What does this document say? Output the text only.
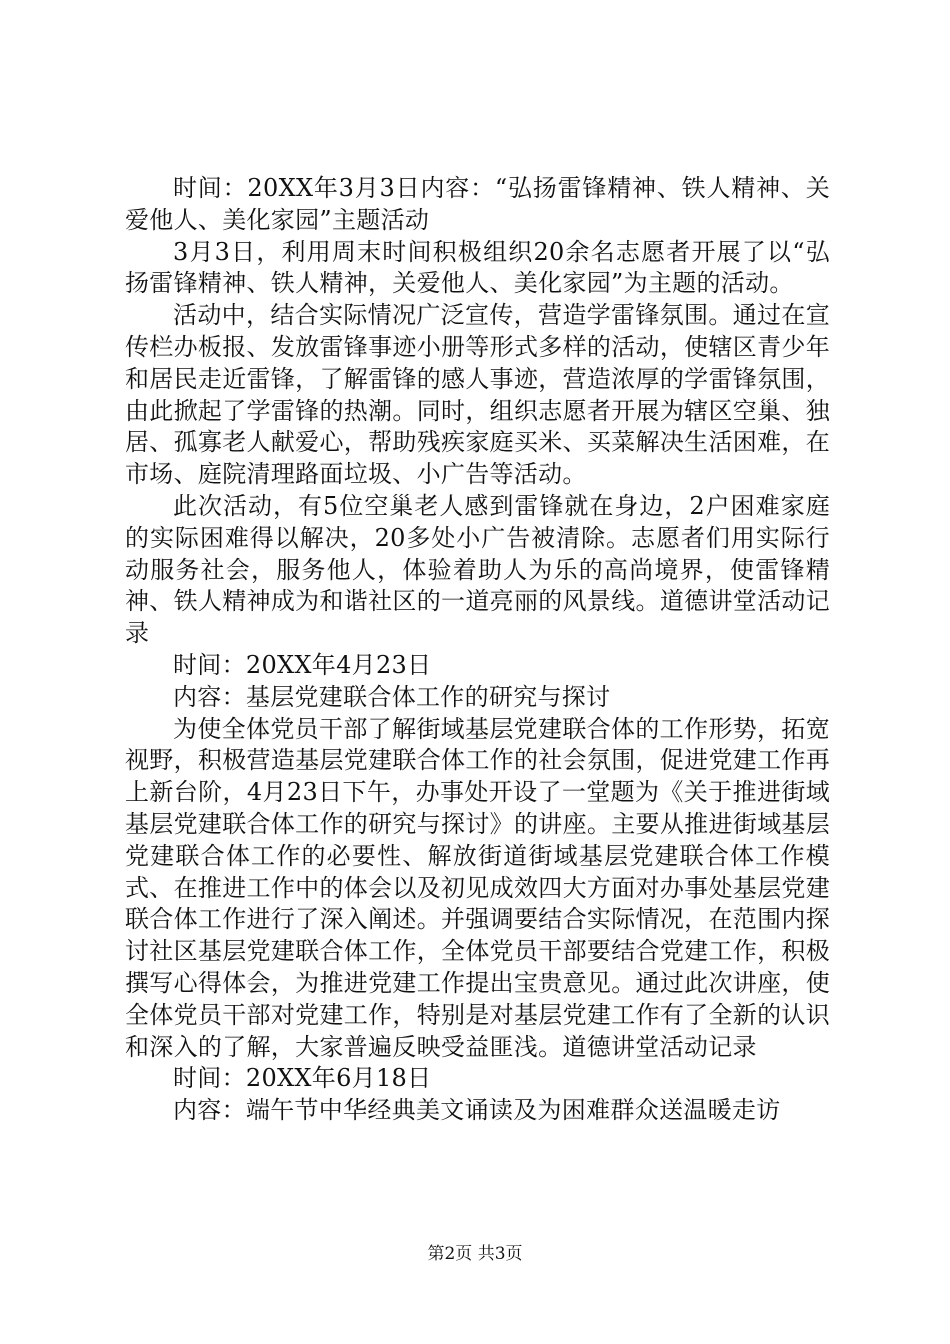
时间：20XX年3月3日内容：“弘扬雷锋精神、铁人精神、关爱他人、美化家园”主题活动

3月3日，利用周末时间积极组织20余名志愿者开展了以“弘扬雷锋精神、铁人精神，关爱他人、美化家园”为主题的活动。

活动中，结合实际情况广泛宣传，营造学雷锋氛围。通过在宣传栏办板报、发放雷锋事迹小册等形式多样的活动，使辖区青少年和居民走近雷锋，了解雷锋的感人事迹，营造浓厚的学雷锋氛围，由此掀起了学雷锋的热潮。同时，组织志愿者开展为辖区空巢、独居、孤寡老人献爱心，帮助残疾家庭买米、买菜解决生活困难，在市场、庭院清理路面垃圾、小广告等活动。

此次活动，有5位空巢老人感到雷锋就在身边，2户困难家庭的实际困难得以解决，20多处小广告被清除。志愿者们用实际行动服务社会，服务他人，体验着助人为乐的高尚境界，使雷锋精神、铁人精神成为和谐社区的一道亮丽的风景线。道德讲堂活动记录

时间：20XX年4月23日

内容：基层党建联合体工作的研究与探讨

为使全体党员干部了解街域基层党建联合体的工作形势，拓宽视野，积极营造基层党建联合体工作的社会氛围，促进党建工作再上新台阶，4月23日下午，办事处开设了一堂题为《关于推进街域基层党建联合体工作的研究与探讨》的讲座。主要从推进街域基层党建联合体工作的必要性、解放街道街域基层党建联合体工作模式、在推进工作中的体会以及初见成效四大方面对办事处基层党建联合体工作进行了深入阐述。并强调要结合实际情况，在范围内探讨社区基层党建联合体工作，全体党员干部要结合党建工作，积极撰写心得体会，为推进党建工作提出宝贵意见。通过此次讲座，使全体党员干部对党建工作，特别是对基层党建工作有了全新的认识和深入的了解，大家普遍反映受益匪浅。道德讲堂活动记录

时间：20XX年6月18日

内容：端午节中华经典美文诵读及为困难群众送温暖走访

第2页 共3页
